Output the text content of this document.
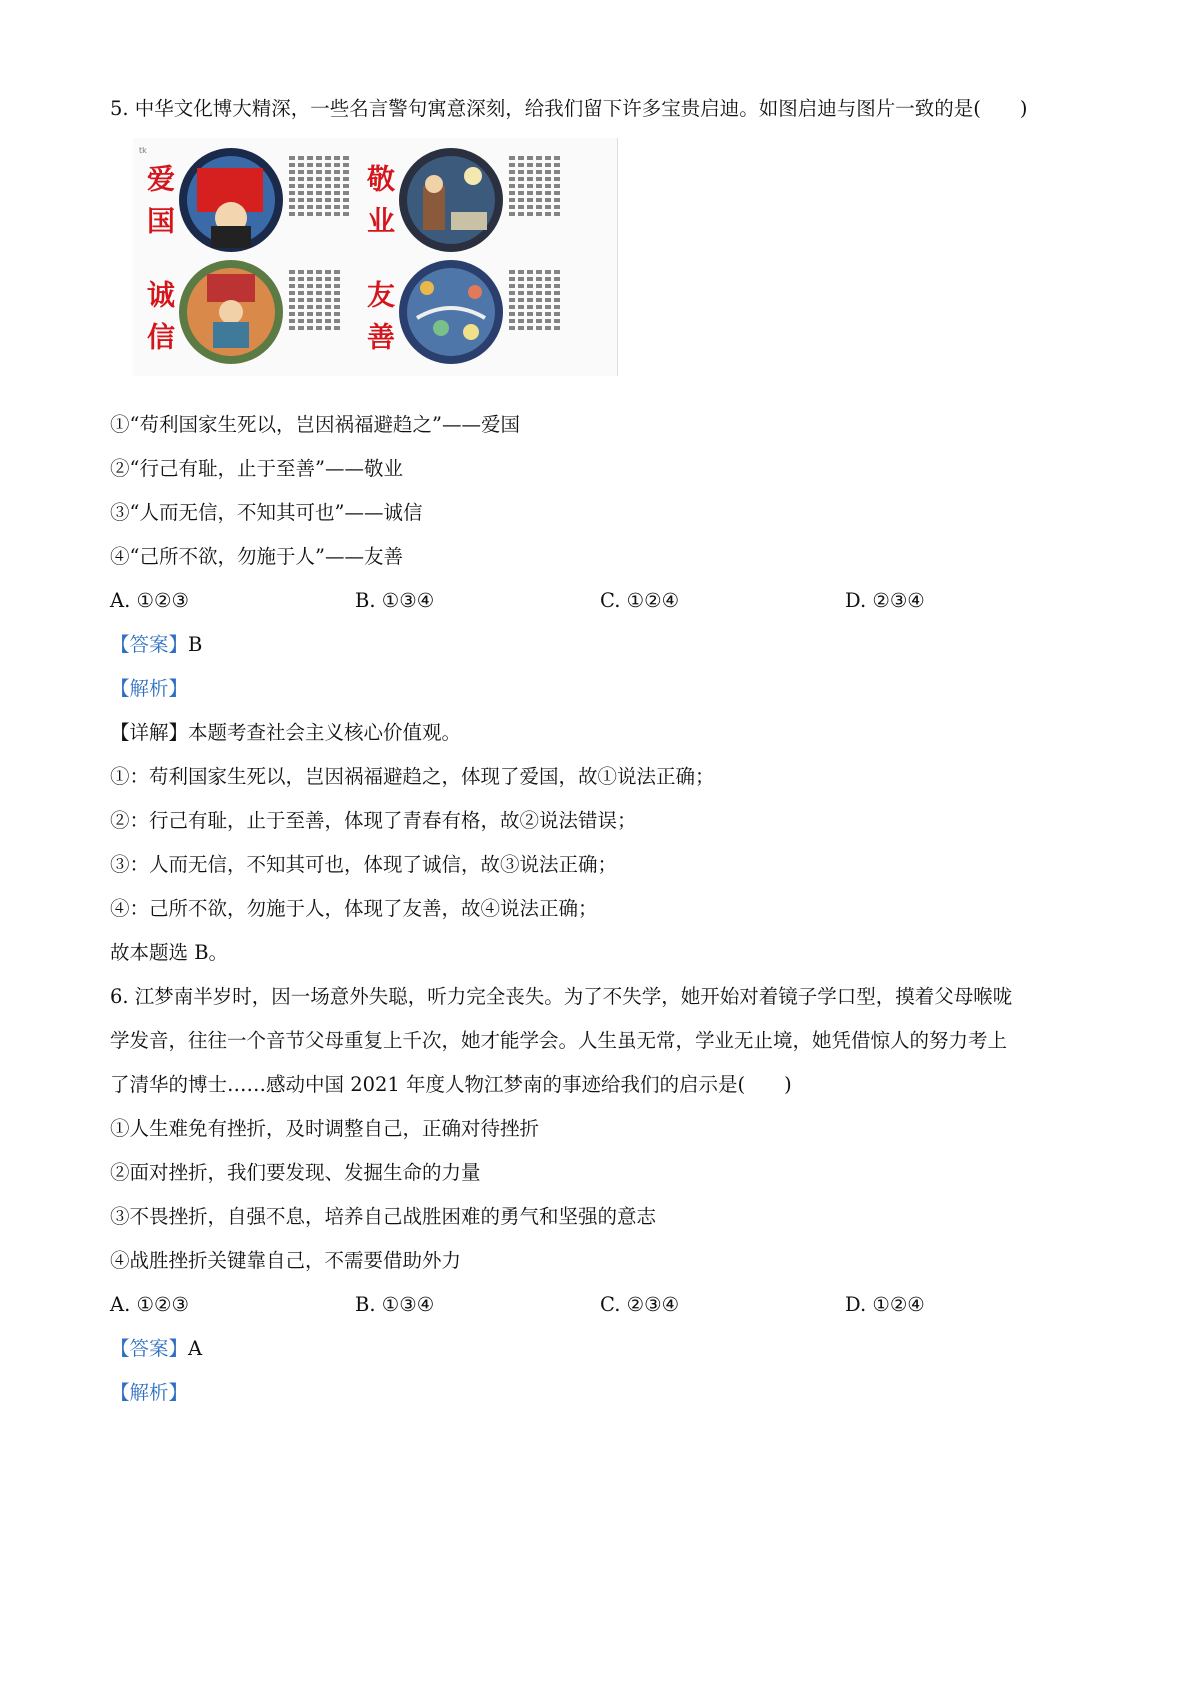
5. 中华文化博大精深，一些名言警句寓意深刻，给我们留下许多宝贵启迪。如图启迪与图片一致的是(　　)
tk
爱国	敬业
诚信	友善
①“苟利国家生死以，岂因祸福避趋之”——爱国
②“行己有耻，止于至善”——敬业
③“人而无信，不知其可也”——诚信
④“己所不欲，勿施于人”——友善
A. ①②③	B. ①③④	C. ①②④	D. ②③④
【答案】B
【解析】
【详解】本题考查社会主义核心价值观。
①：苟利国家生死以，岂因祸福避趋之，体现了爱国，故①说法正确；
②：行己有耻，止于至善，体现了青春有格，故②说法错误；
③：人而无信，不知其可也，体现了诚信，故③说法正确；
④：己所不欲，勿施于人，体现了友善，故④说法正确；
故本题选 B。
6. 江梦南半岁时，因一场意外失聪，听力完全丧失。为了不失学，她开始对着镜子学口型，摸着父母喉咙
学发音，往往一个音节父母重复上千次，她才能学会。人生虽无常，学业无止境，她凭借惊人的努力考上
了清华的博士……感动中国 2021 年度人物江梦南的事迹给我们的启示是(　　)
①人生难免有挫折，及时调整自己，正确对待挫折
②面对挫折，我们要发现、发掘生命的力量
③不畏挫折，自强不息，培养自己战胜困难的勇气和坚强的意志
④战胜挫折关键靠自己，不需要借助外力
A. ①②③	B. ①③④	C. ②③④	D. ①②④
【答案】A
【解析】
